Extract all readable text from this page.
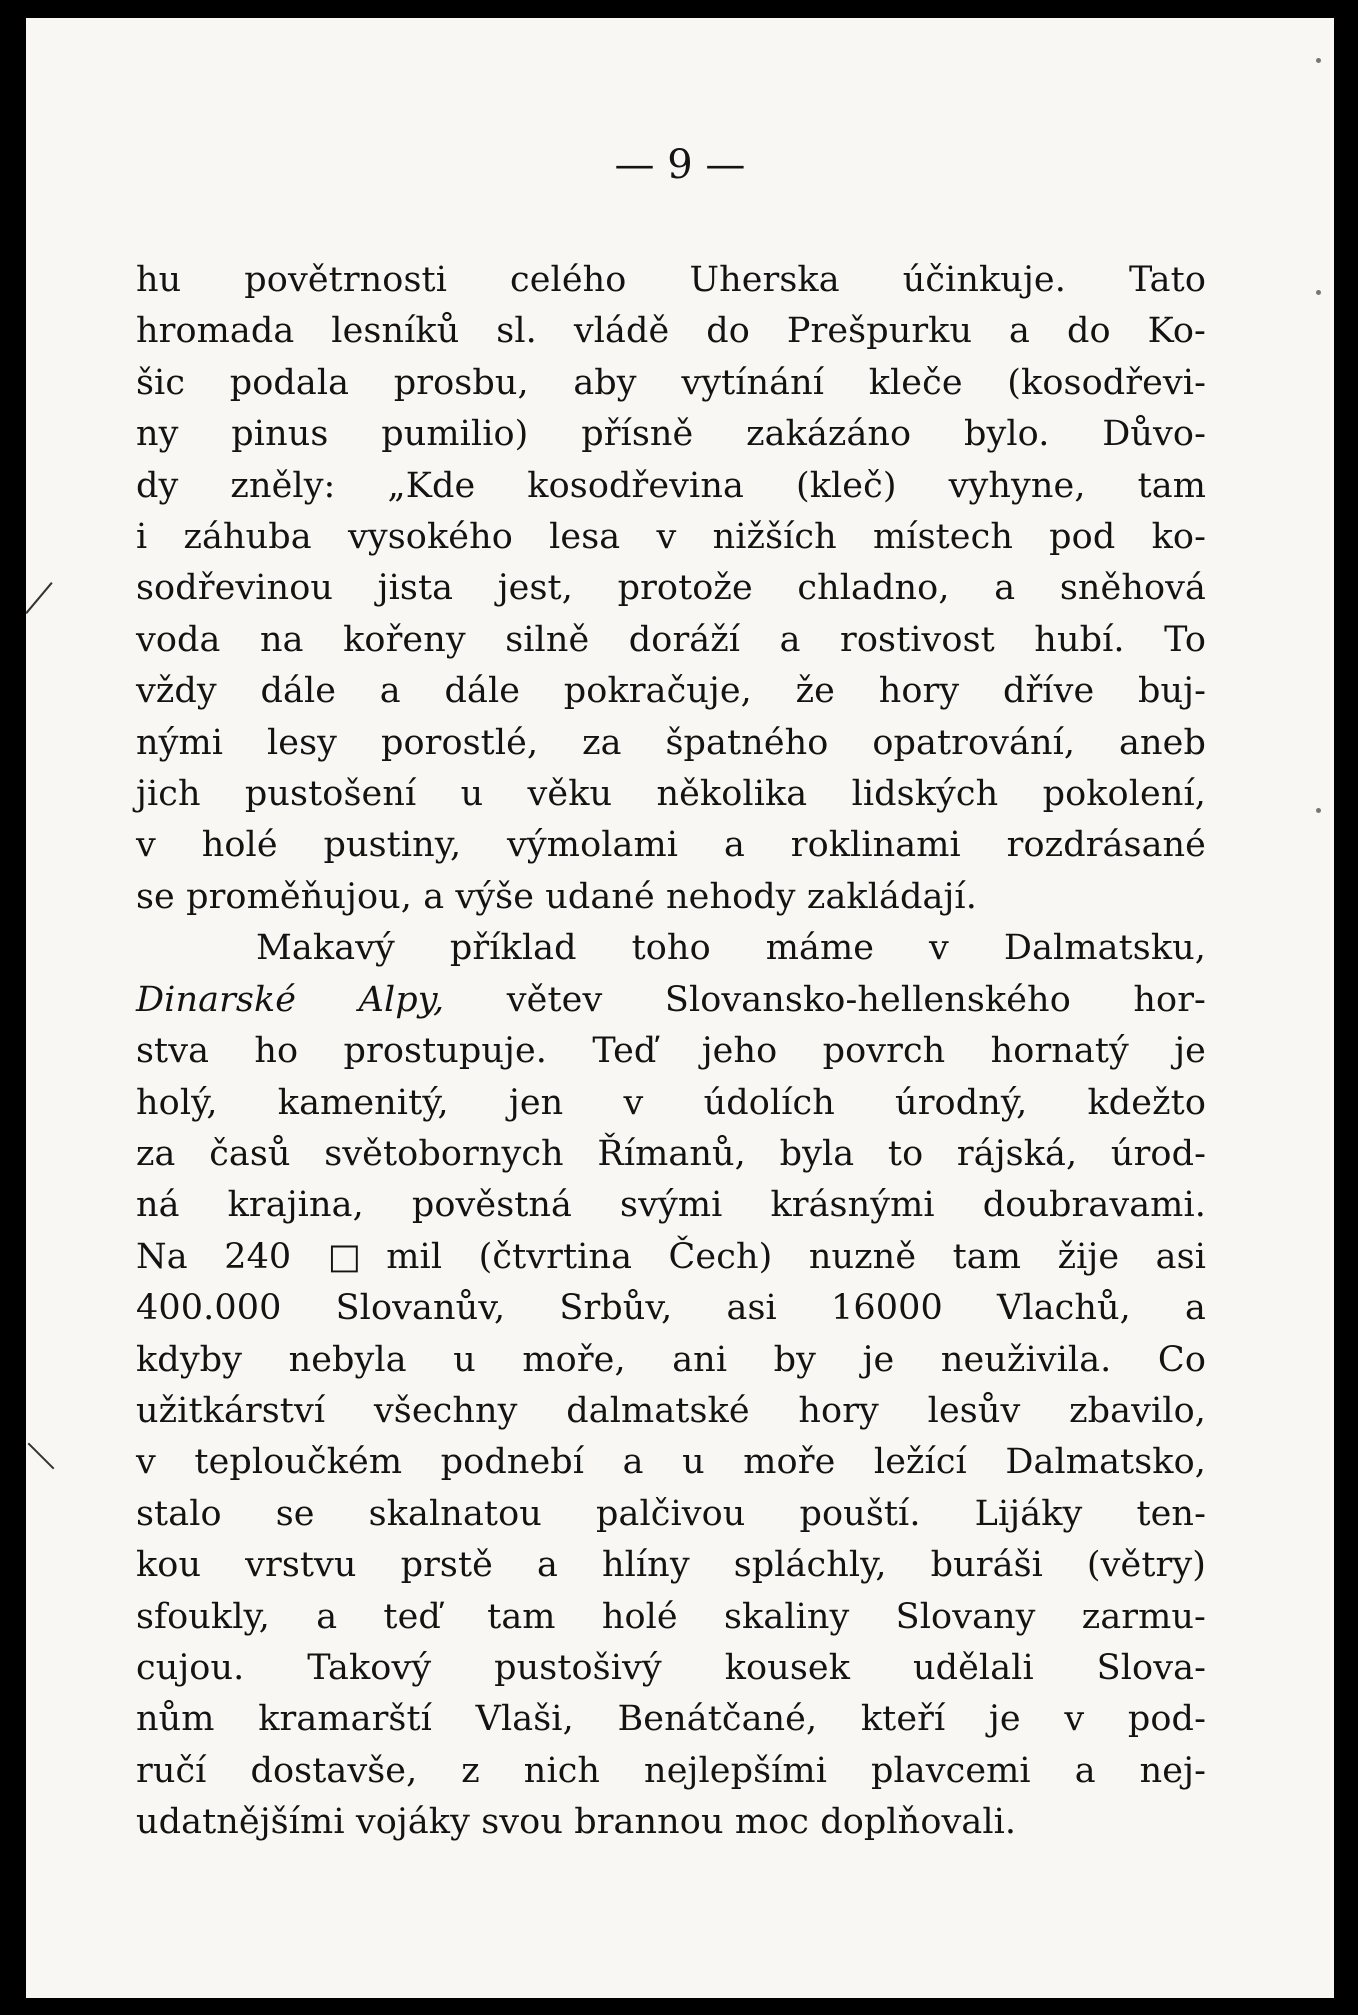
— 9 —
hu povětrnosti celého Uherska účinkuje. Tato
hromada lesníků sl. vládě do Prešpurku a do Ko-
šic podala prosbu, aby vytínání kleče (kosodřevi-
ny pinus pumilio) přísně zakázáno bylo. Důvo-
dy zněly: „Kde kosodřevina (kleč) vyhyne, tam
i záhuba vysokého lesa v nižších místech pod ko-
sodřevinou jista jest, protože chladno, a sněhová
voda na kořeny silně doráží a rostivost hubí. To
vždy dále a dále pokračuje, že hory dříve buj-
nými lesy porostlé, za špatného opatrování, aneb
jich pustošení u věku několika lidských pokolení,
v holé pustiny, výmolami a roklinami rozdrásané
se proměňujou, a výše udané nehody zakládají.
Makavý příklad toho máme v Dalmatsku,
Dinarské Alpy, větev Slovansko-hellenského hor-
stva ho prostupuje. Teď jeho povrch hornatý je
holý, kamenitý, jen v údolích úrodný, kdežto
za časů světobornych Římanů, byla to rájská, úrod-
ná krajina, pověstná svými krásnými doubravami.
Na 240 □mil (čtvrtina Čech) nuzně tam žije asi
400.000 Slovanův, Srbův, asi 16000 Vlachů, a
kdyby nebyla u moře, ani by je neuživila. Co
užitkárství všechny dalmatské hory lesův zbavilo,
v teploučkém podnebí a u moře ležící Dalmatsko,
stalo se skalnatou palčivou pouští. Lijáky ten-
kou vrstvu prstě a hlíny spláchly, buráši (větry)
sfoukly, a teď tam holé skaliny Slovany zarmu-
cujou. Takový pustošivý kousek udělali Slova-
nům kramarští Vlaši, Benátčané, kteří je v pod-
ručí dostavše, z nich nejlepšími plavcemi a nej-
udatnějšími vojáky svou brannou moc doplňovali.
